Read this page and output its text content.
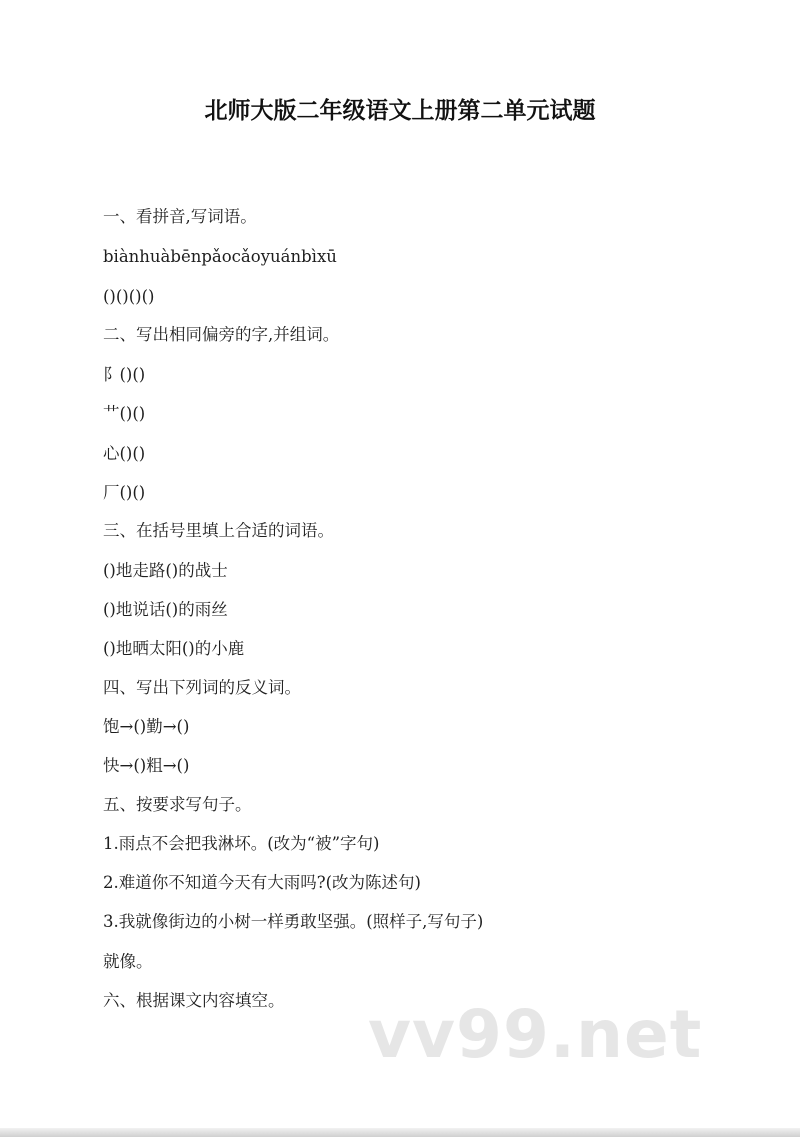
北师大版二年级语文上册第二单元试题
一、看拼音,写词语。
biànhuàbēnpǎocǎoyuánbìxū
()()()()
二、写出相同偏旁的字,并组词。
阝()()
艹()()
心()()
厂()()
三、在括号里填上合适的词语。
()地走路()的战士
()地说话()的雨丝
()地晒太阳()的小鹿
四、写出下列词的反义词。
饱→()勤→()
快→()粗→()
五、按要求写句子。
1.雨点不会把我淋坏。(改为“被”字句)
2.难道你不知道今天有大雨吗?(改为陈述句)
3.我就像街边的小树一样勇敢坚强。(照样子,写句子)
就像。
六、根据课文内容填空。 vv99.net
